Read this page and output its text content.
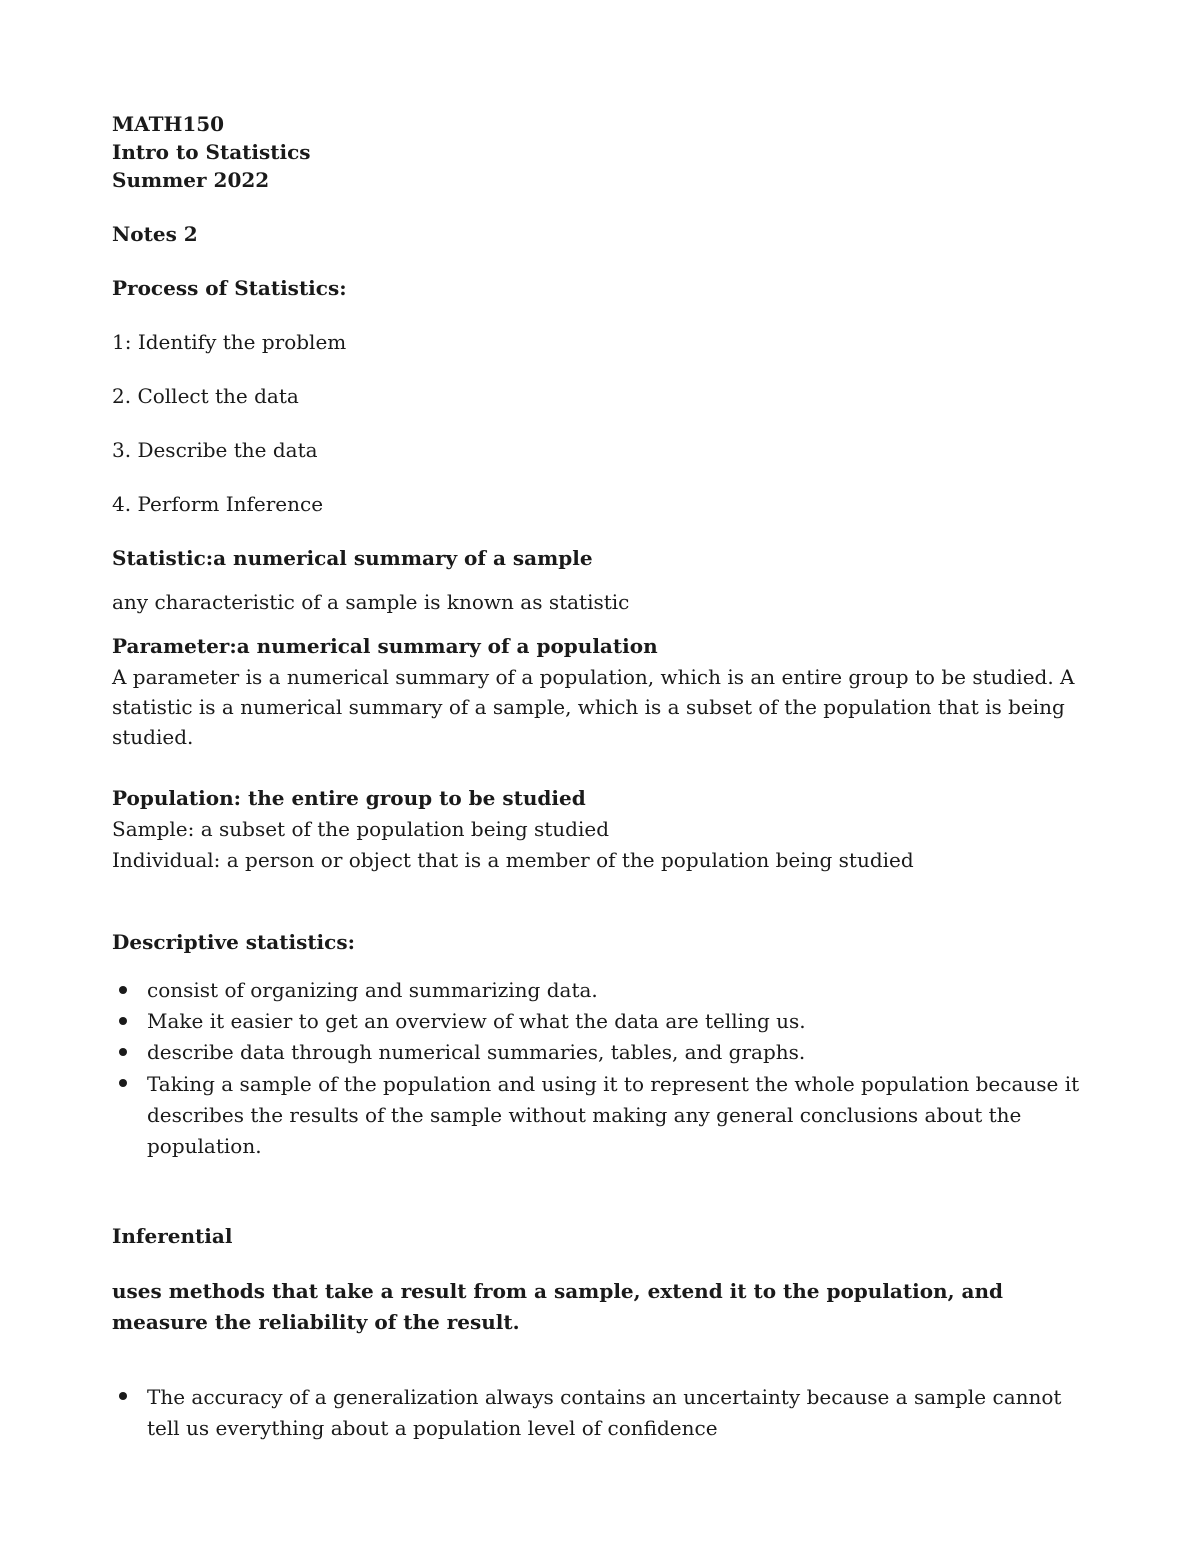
MATH150
Intro to Statistics
Summer 2022

Notes 2

Process of Statistics:

1: Identify the problem

2. Collect the data

3. Describe the data

4. Perform Inference

Statistic:a numerical summary of a sample

any characteristic of a sample is known as statistic

Parameter:a numerical summary of a population

A parameter is a numerical summary of a population, which is an entire group to be studied. A statistic is a numerical summary of a sample, which is a subset of the population that is being studied.

Population: the entire group to be studied

Sample: a subset of the population being studied

Individual: a person or object that is a member of the population being studied

Descriptive statistics:

consist of organizing and summarizing data.
Make it easier to get an overview of what the data are telling us.
describe data through numerical summaries, tables, and graphs.
Taking a sample of the population and using it to represent the whole population because it describes the results of the sample without making any general conclusions about the population.

Inferential

uses methods that take a result from a sample, extend it to the population, and measure the reliability of the result.

The accuracy of a generalization always contains an uncertainty because a sample cannot tell us everything about a population level of confidence
